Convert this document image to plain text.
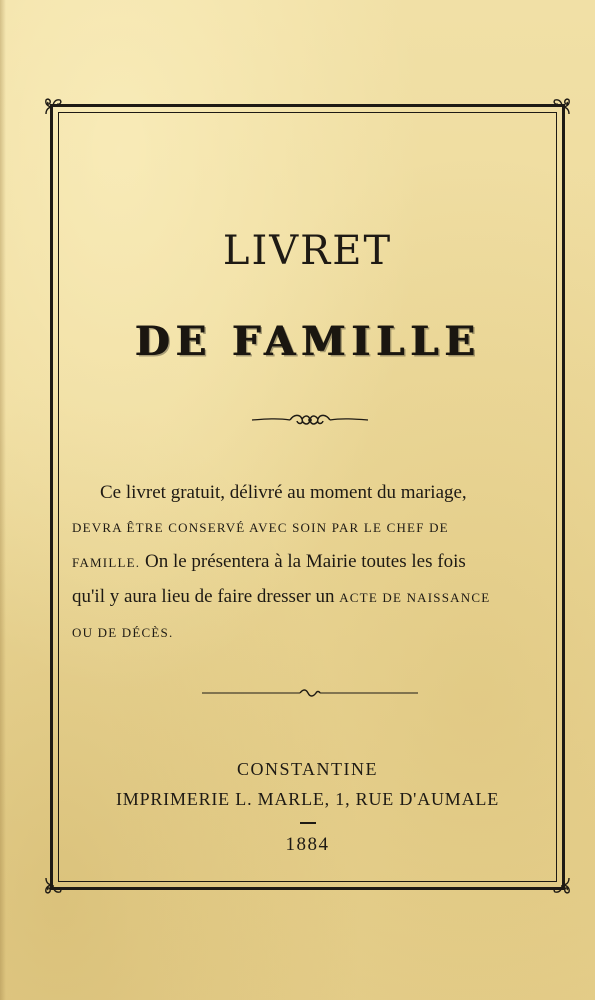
LIVRET
DE FAMILLE

Ce livret gratuit, délivré au moment du mariage,

DEVRA ÊTRE CONSERVÉ AVEC SOIN PAR LE CHEF DE

FAMILLE. On le présentera à la Mairie toutes les fois

qu'il y aura lieu de faire dresser un ACTE DE NAISSANCE

OU DE DÉCÈS.

CONSTANTINE
IMPRIMERIE L. MARLE, 1, RUE D'AUMALE
1884
